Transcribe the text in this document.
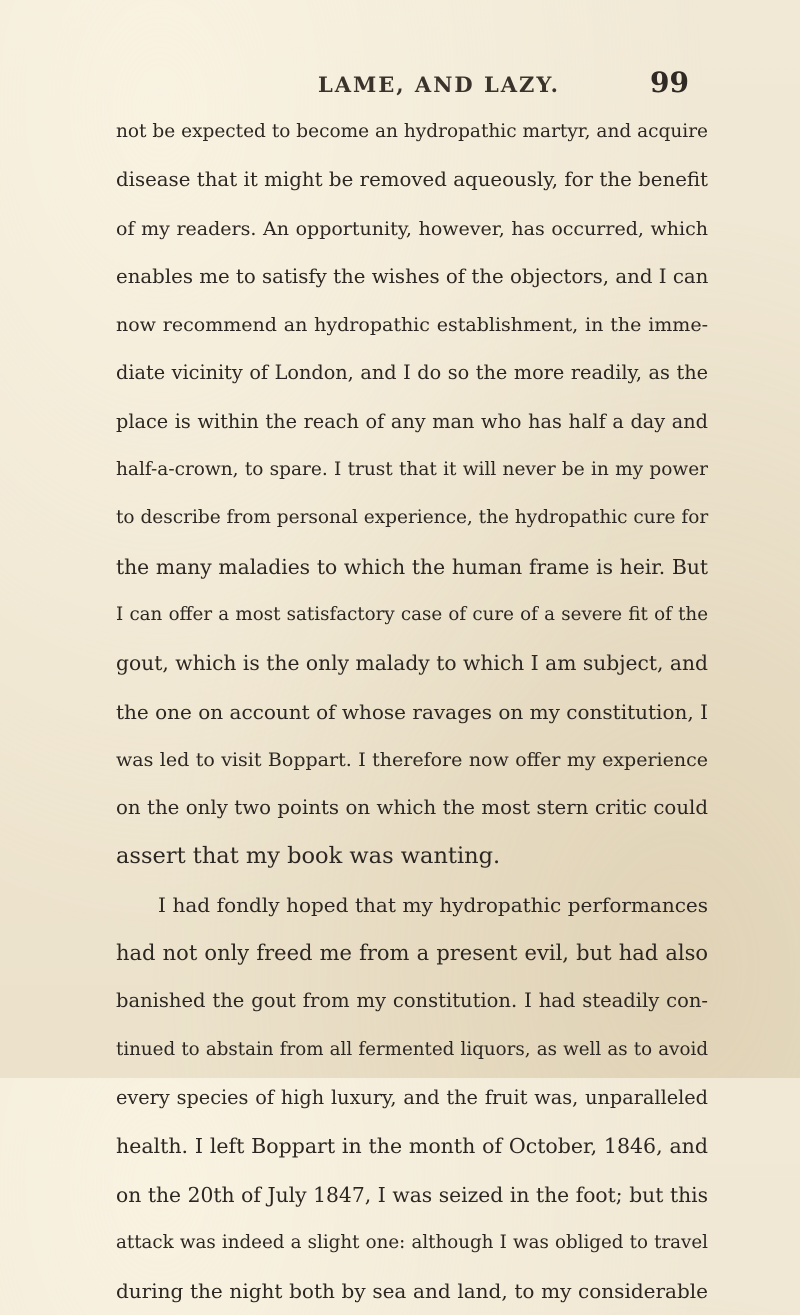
LAME, AND LAZY.	99
not be expected to become an hydropathic martyr, and acquire
disease that it might be removed aqueously, for the benefit
of my readers. An opportunity, however, has occurred, which
enables me to satisfy the wishes of the objectors, and I can
now recommend an hydropathic establishment, in the imme-
diate vicinity of London, and I do so the more readily, as the
place is within the reach of any man who has half a day and
half-a-crown, to spare. I trust that it will never be in my power
to describe from personal experience, the hydropathic cure for
the many maladies to which the human frame is heir. But
I can offer a most satisfactory case of cure of a severe fit of the
gout, which is the only malady to which I am subject, and
the one on account of whose ravages on my constitution, I
was led to visit Boppart. I therefore now offer my experience
on the only two points on which the most stern critic could
assert that my book was wanting.
I had fondly hoped that my hydropathic performances
had not only freed me from a present evil, but had also
banished the gout from my constitution. I had steadily con-
tinued to abstain from all fermented liquors, as well as to avoid
every species of high luxury, and the fruit was, unparalleled
health. I left Boppart in the month of October, 1846, and
on the 20th of July 1847, I was seized in the foot; but this
attack was indeed a slight one: although I was obliged to travel
during the night both by sea and land, to my considerable
